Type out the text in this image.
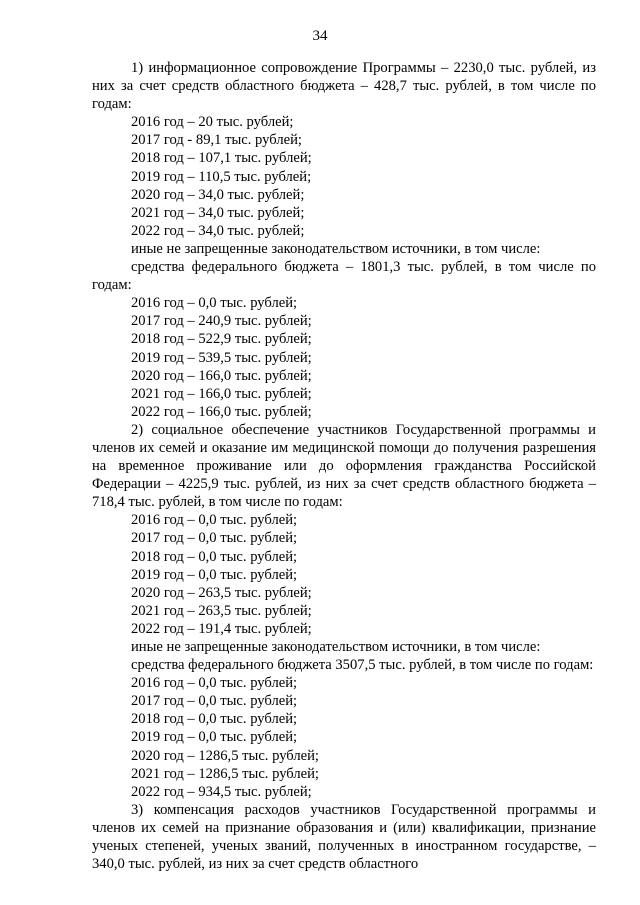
34

1) информационное сопровождение Программы – 2230,0 тыс. рублей, из них за счет средств областного бюджета – 428,7 тыс. рублей, в том числе по годам:

2016 год – 20 тыс. рублей;

2017 год - 89,1 тыс. рублей;

2018 год – 107,1 тыс. рублей;

2019 год – 110,5 тыс. рублей;

2020 год – 34,0 тыс. рублей;

2021 год – 34,0 тыс. рублей;

2022 год – 34,0 тыс. рублей;

иные не запрещенные законодательством источники, в том числе:

средства федерального бюджета – 1801,3 тыс. рублей, в том числе по годам:

2016 год – 0,0 тыс. рублей;

2017 год – 240,9 тыс. рублей;

2018 год – 522,9 тыс. рублей;

2019 год – 539,5 тыс. рублей;

2020 год – 166,0 тыс. рублей;

2021 год – 166,0 тыс. рублей;

2022 год – 166,0 тыс. рублей;

2) социальное обеспечение участников Государственной программы и членов их семей и оказание им медицинской помощи до получения разрешения на временное проживание или до оформления гражданства Российской Федерации – 4225,9 тыс. рублей, из них за счет средств областного бюджета –718,4 тыс. рублей, в том числе по годам:

2016 год – 0,0 тыс. рублей;

2017 год – 0,0 тыс. рублей;

2018 год – 0,0 тыс. рублей;

2019 год – 0,0 тыс. рублей;

2020 год – 263,5 тыс. рублей;

2021 год – 263,5 тыс. рублей;

2022 год – 191,4 тыс. рублей;

иные не запрещенные законодательством источники, в том числе:

средства федерального бюджета 3507,5 тыс. рублей, в том числе по годам:

2016 год – 0,0 тыс. рублей;

2017 год – 0,0 тыс. рублей;

2018 год – 0,0 тыс. рублей;

2019 год – 0,0 тыс. рублей;

2020 год – 1286,5 тыс. рублей;

2021 год – 1286,5 тыс. рублей;

2022 год – 934,5 тыс. рублей;

3) компенсация расходов участников Государственной программы и членов их семей на признание образования и (или) квалификации, признание ученых степеней, ученых званий, полученных в иностранном государстве, – 340,0 тыс. рублей, из них за счет средств областного
